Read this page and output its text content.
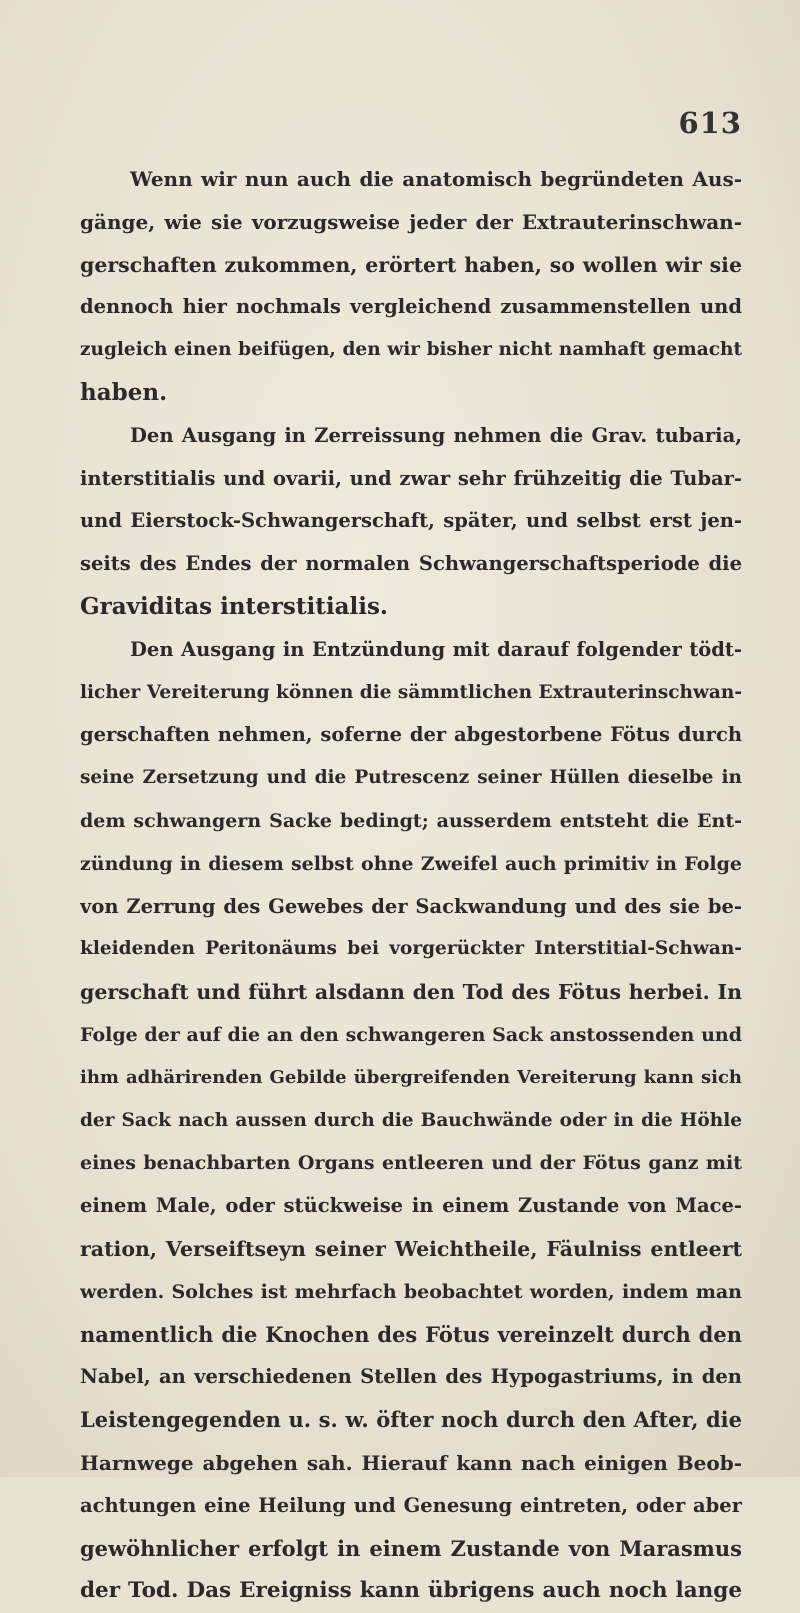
613
Wenn wir nun auch die anatomisch begründeten Aus-
gänge, wie sie vorzugsweise jeder der Extrauterinschwan-
gerschaften zukommen, erörtert haben, so wollen wir sie
dennoch hier nochmals vergleichend zusammenstellen und
zugleich einen beifügen, den wir bisher nicht namhaft gemacht
haben.
Den Ausgang in Zerreissung nehmen die Grav. tubaria,
interstitialis und ovarii, und zwar sehr frühzeitig die Tubar-
und Eierstock-Schwangerschaft, später, und selbst erst jen-
seits des Endes der normalen Schwangerschaftsperiode die
Graviditas interstitialis.
Den Ausgang in Entzündung mit darauf folgender tödt-
licher Vereiterung können die sämmtlichen Extrauterinschwan-
gerschaften nehmen, soferne der abgestorbene Fötus durch
seine Zersetzung und die Putrescenz seiner Hüllen dieselbe in
dem schwangern Sacke bedingt; ausserdem entsteht die Ent-
zündung in diesem selbst ohne Zweifel auch primitiv in Folge
von Zerrung des Gewebes der Sackwandung und des sie be-
kleidenden Peritonäums bei vorgerückter Interstitial-Schwan-
gerschaft und führt alsdann den Tod des Fötus herbei. In
Folge der auf die an den schwangeren Sack anstossenden und
ihm adhärirenden Gebilde übergreifenden Vereiterung kann sich
der Sack nach aussen durch die Bauchwände oder in die Höhle
eines benachbarten Organs entleeren und der Fötus ganz mit
einem Male, oder stückweise in einem Zustande von Mace-
ration, Verseiftseyn seiner Weichtheile, Fäulniss entleert
werden. Solches ist mehrfach beobachtet worden, indem man
namentlich die Knochen des Fötus vereinzelt durch den
Nabel, an verschiedenen Stellen des Hypogastriums, in den
Leistengegenden u. s. w. öfter noch durch den After, die
Harnwege abgehen sah. Hierauf kann nach einigen Beob-
achtungen eine Heilung und Genesung eintreten, oder aber
gewöhnlicher erfolgt in einem Zustande von Marasmus
der Tod. Das Ereigniss kann übrigens auch noch lange
